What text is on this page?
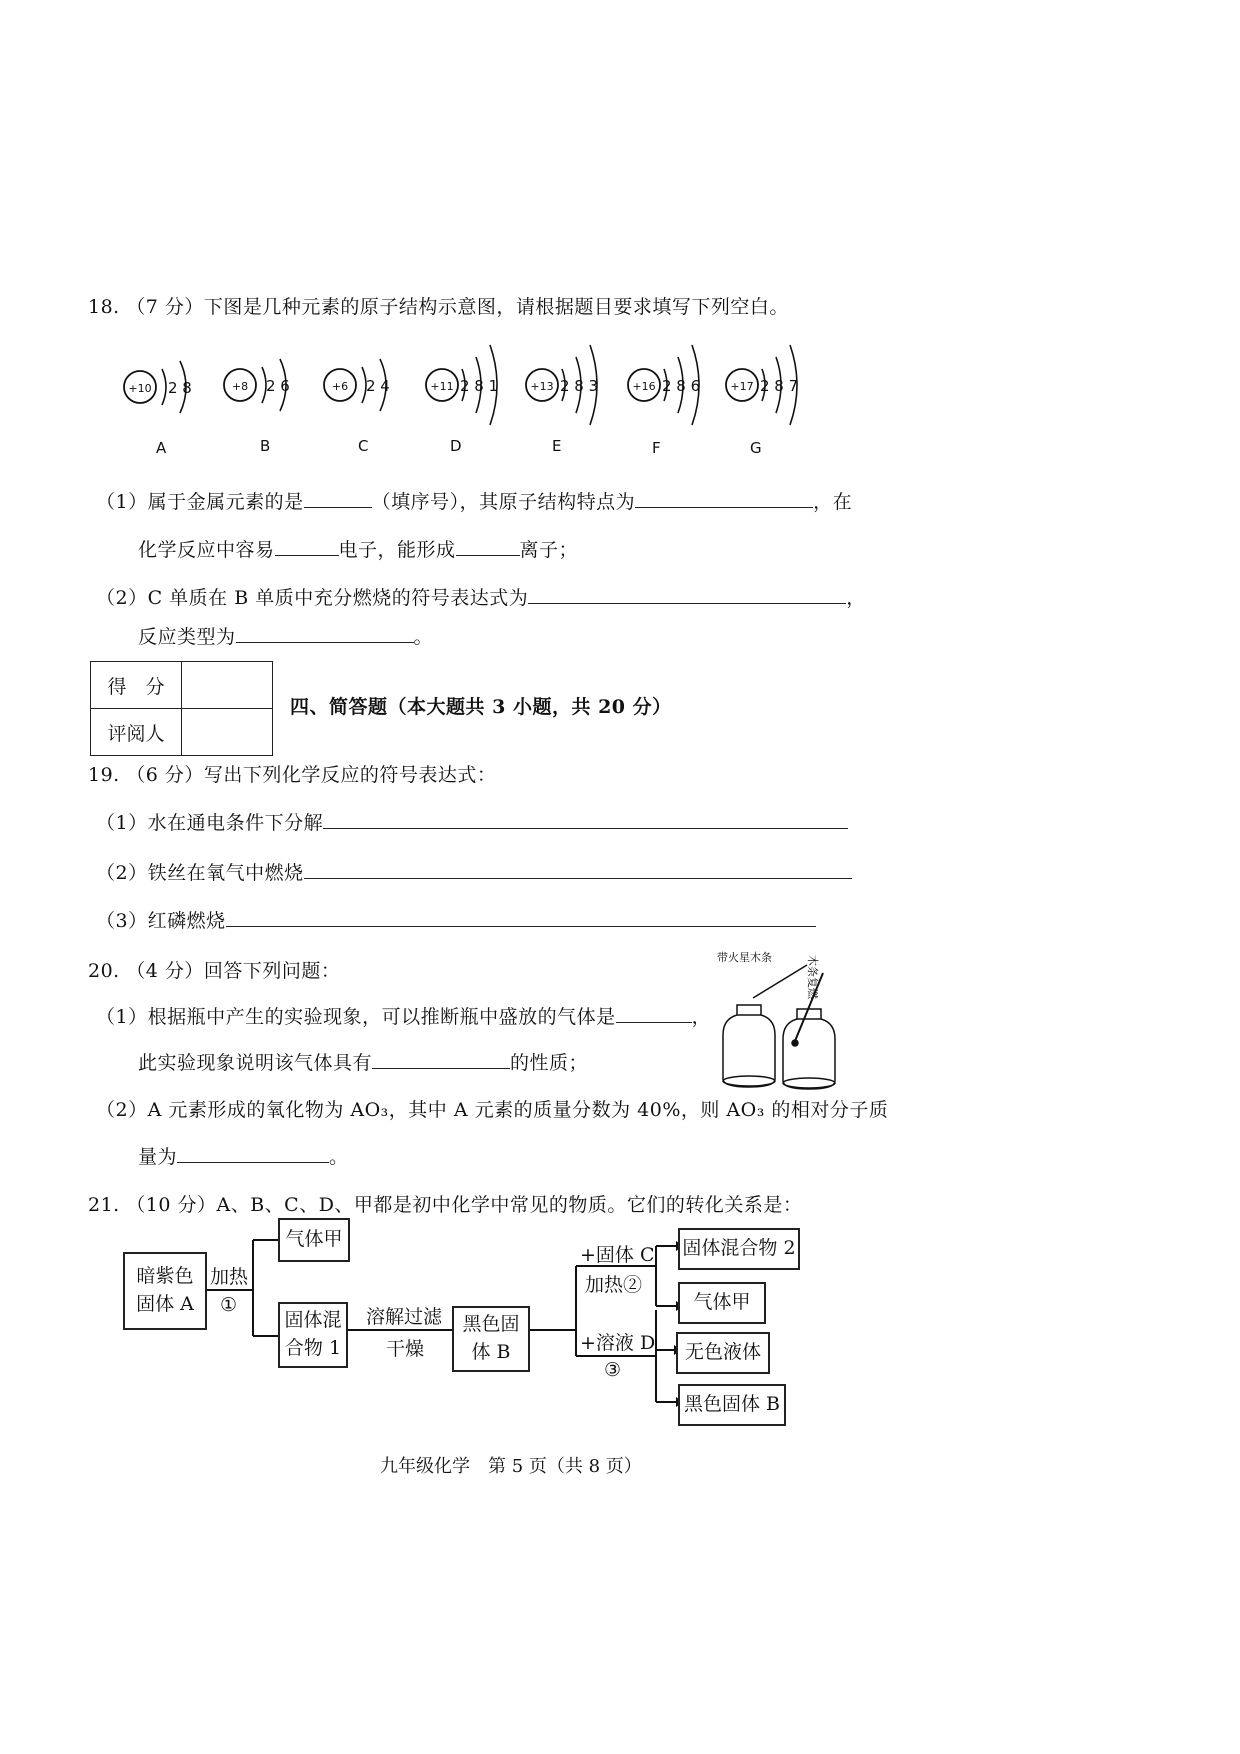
18. （7 分）下图是几种元素的原子结构示意图，请根据题目要求填写下列空白。
+10 2 8
A
+8 2 6
B
+6 2 4
C
+11 2 8 1
D
+13 2 8 3
E
+16 2 8 6
F
+17 2 8 7
G
（1）属于金属元素的是	（填序号），其原子结构特点为	，在
化学反应中容易	电子，能形成	离子；
（2）C 单质在 B 单质中充分燃烧的符号表达式为	，
反应类型为	。
得　分	
评阅人	
四、简答题（本大题共 3 小题，共 20 分）
19. （6 分）写出下列化学反应的符号表达式：
（1）水在通电条件下分解
（2）铁丝在氧气中燃烧
（3）红磷燃烧
20. （4 分）回答下列问题：
（1）根据瓶中产生的实验现象，可以推断瓶中盛放的气体是	，
此实验现象说明该气体具有	的性质；
（2）A 元素形成的氧化物为 AO₃，其中 A 元素的质量分数为 40%，则 AO₃ 的相对分子质
量为	。
带火星木条	木条复燃
21. （10 分）A、B、C、D、甲都是初中化学中常见的物质。它们的转化关系是：
暗紫色
固体 A
加热
①
气体甲
固体混
合物 1
溶解过滤
干燥
黑色固
体 B
+固体 C
加热②
+溶液 D
③
固体混合物 2
气体甲
无色液体
黑色固体 B
九年级化学　第 5 页（共 8 页）
